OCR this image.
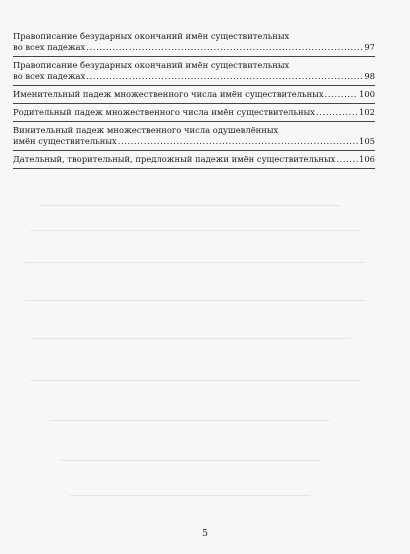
Правописание безударных окончаний имён существительных
во всех падежах .....	97
Правописание безударных окончаний имён существительных
во всех падежах .....	98
Именительный падеж множественного числа имён существительных .....	100
Родительный падеж множественного числа имён существительных .....	102
Винительный падеж множественного числа одушевлённых
имён существительных .....	105
Дательный, творительный, предложный падежи имён существительных .....	106
5
